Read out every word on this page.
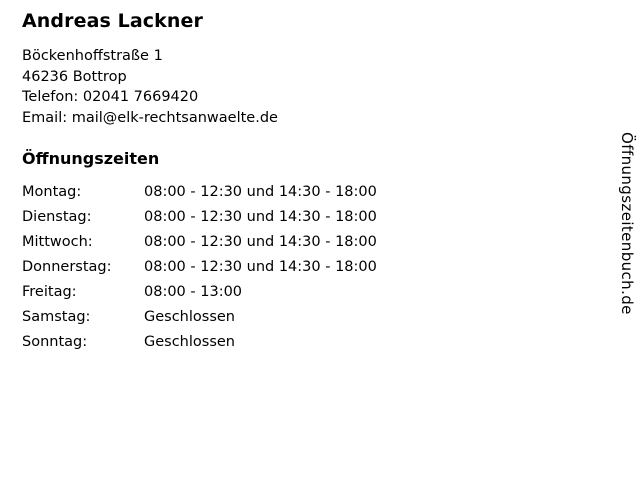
Andreas Lackner
Böckenhoffstraße 1
46236 Bottrop
Telefon: 02041 7669420
Email: mail@elk-rechtsanwaelte.de
Öffnungszeiten
Montag:	08:00 - 12:30 und 14:30 - 18:00
Dienstag:	08:00 - 12:30 und 14:30 - 18:00
Mittwoch:	08:00 - 12:30 und 14:30 - 18:00
Donnerstag:	08:00 - 12:30 und 14:30 - 18:00
Freitag:	08:00 - 13:00
Samstag:	Geschlossen
Sonntag:	Geschlossen
Öffnungszeitenbuch.de
